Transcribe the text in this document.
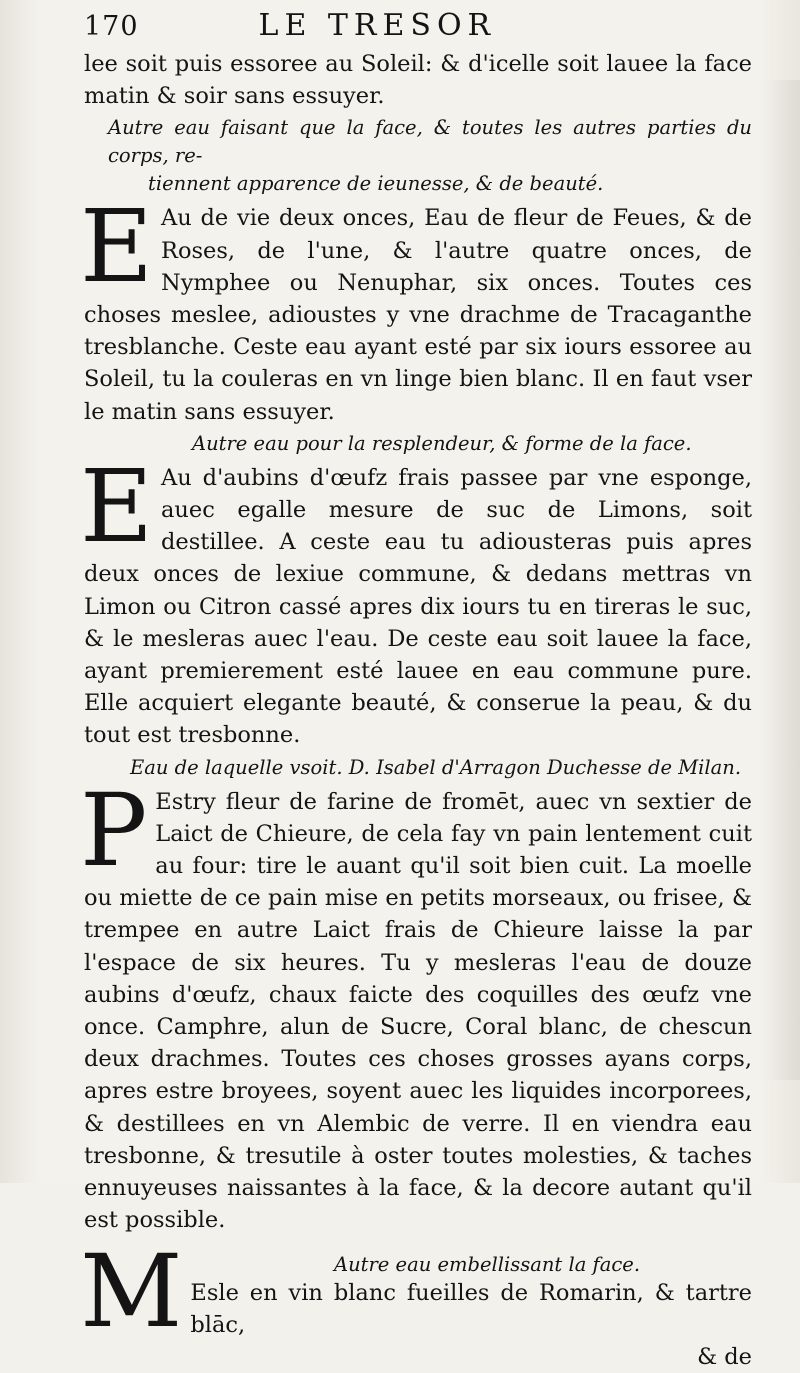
170	LE TRESOR

lee soit puis essoree au Soleil: & d'icelle soit lauee la face matin & soir sans essuyer.

Autre eau faisant que la face, & toutes les autres parties du corps, re-
tiennent apparence de ieunesse, & de beauté.
E Au de vie deux onces, Eau de fleur de Feues, & de Roses, de l'une, & l'autre quatre onces, de Nymphee ou Nenuphar, six onces. Toutes ces choses meslee, adioustes y vne drachme de Tracaganthe tresblanche. Ceste eau ayant esté par six iours essoree au Soleil, tu la couleras en vn linge bien blanc. Il en faut vser le matin sans essuyer.
Autre eau pour la resplendeur, & forme de la face.
E Au d'aubins d'œufz frais passee par vne esponge, auec egalle mesure de suc de Limons, soit destillee. A ceste eau tu adiousteras puis apres deux onces de lexiue commune, & dedans mettras vn Limon ou Citron cassé apres dix iours tu en tireras le suc, & le mesleras auec l'eau. De ceste eau soit lauee la face, ayant premierement esté lauee en eau commune pure. Elle acquiert elegante beauté, & conserue la peau, & du tout est tresbonne.
Eau de laquelle vsoit. D. Isabel d'Arragon Duchesse de Milan.
P Estry fleur de farine de fromēt, auec vn sextier de Laict de Chieure, de cela fay vn pain lentement cuit au four: tire le auant qu'il soit bien cuit. La moelle ou miette de ce pain mise en petits morseaux, ou frisee, & trempee en autre Laict frais de Chieure laisse la par l'espace de six heures. Tu y mesleras l'eau de douze aubins d'œufz, chaux faicte des coquilles des œufz vne once. Camphre, alun de Sucre, Coral blanc, de chescun deux drachmes. Toutes ces choses grosses ayans corps, apres estre broyees, soyent auec les liquides incorporees, & destillees en vn Alembic de verre. Il en viendra eau tresbonne, & tresutile à oster toutes molesties, & taches ennuyeuses naissantes à la face, & la decore autant qu'il est possible.
M	Autre eau embellissant la face.
Esle en vin blanc fueilles de Romarin, & tartre blāc,
& de
